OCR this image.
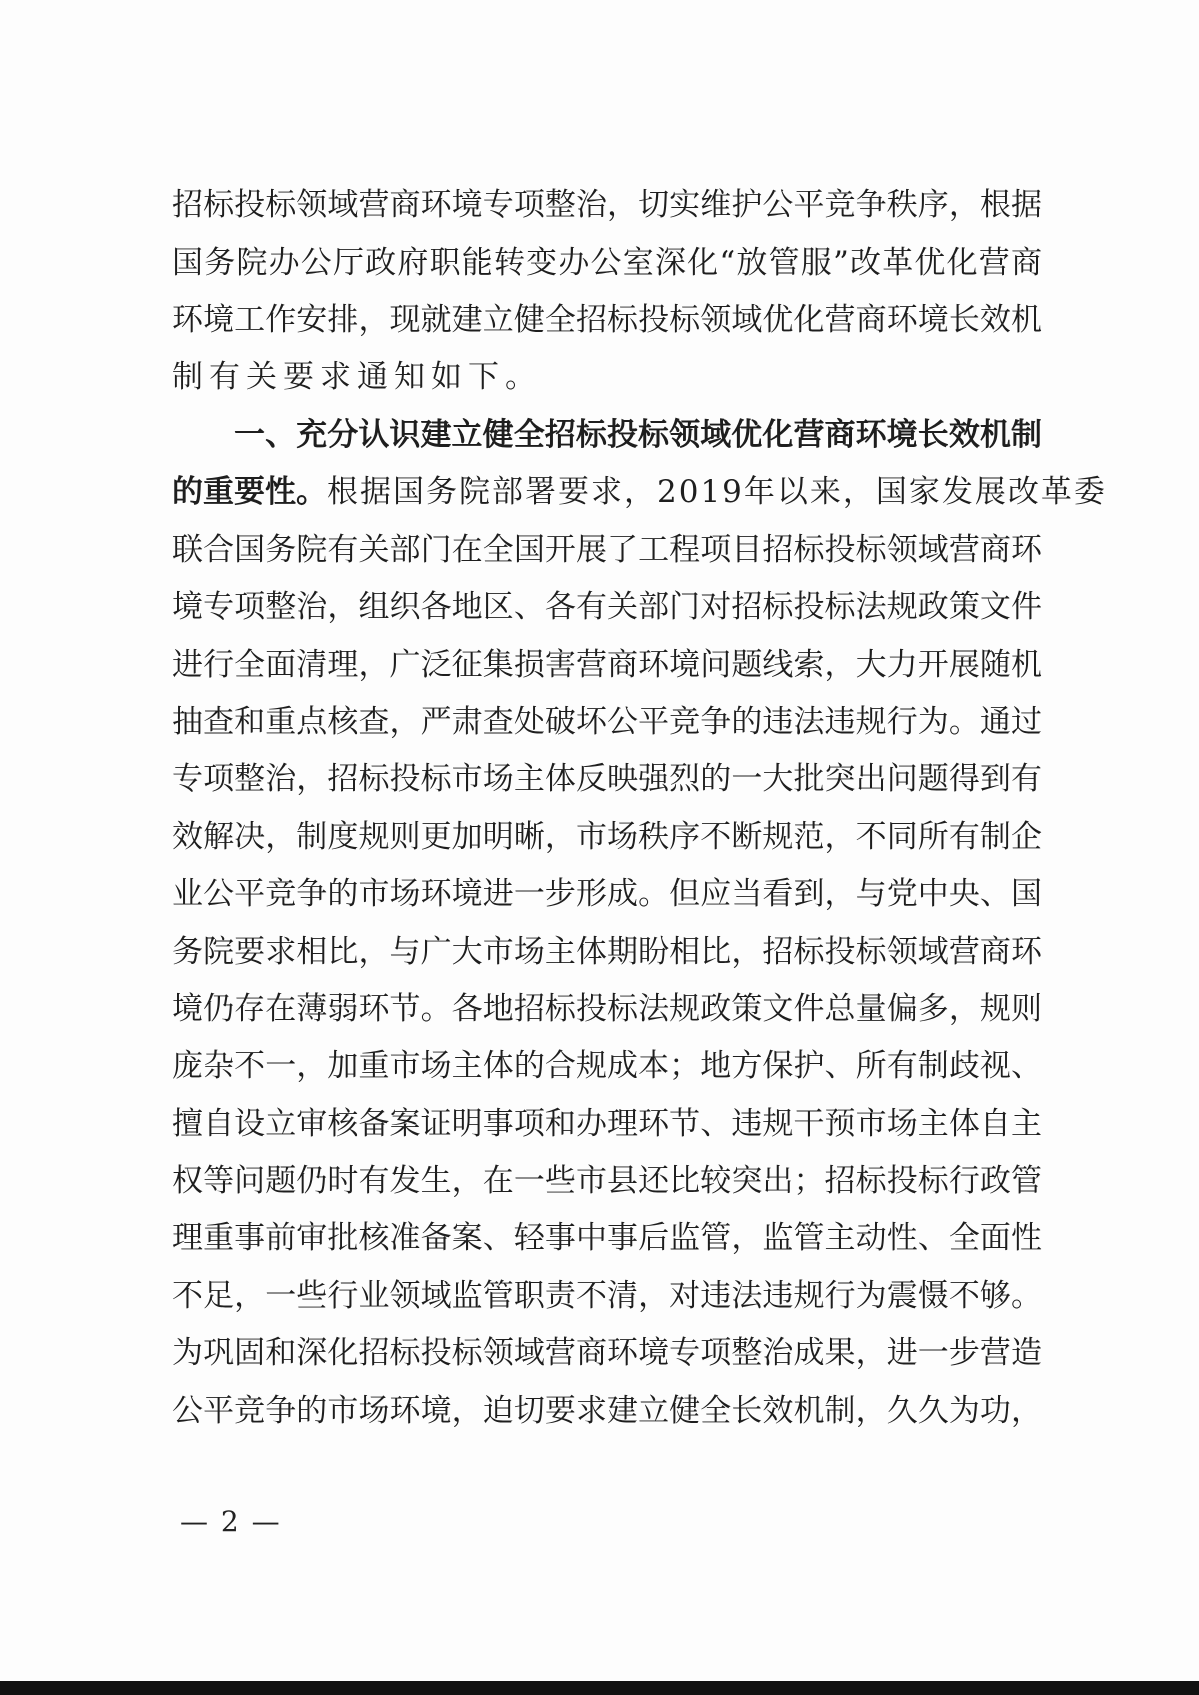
招标投标领域营商环境专项整治，切实维护公平竞争秩序，根据
国务院办公厅政府职能转变办公室深化“放管服”改革优化营商
环境工作安排，现就建立健全招标投标领域优化营商环境长效机
制有关要求通知如下。
一、充分认识建立健全招标投标领域优化营商环境长效机制
的重要性。根据国务院部署要求，2019年以来，国家发展改革委
联合国务院有关部门在全国开展了工程项目招标投标领域营商环
境专项整治，组织各地区、各有关部门对招标投标法规政策文件
进行全面清理，广泛征集损害营商环境问题线索，大力开展随机
抽查和重点核查，严肃查处破坏公平竞争的违法违规行为。通过
专项整治，招标投标市场主体反映强烈的一大批突出问题得到有
效解决，制度规则更加明晰，市场秩序不断规范，不同所有制企
业公平竞争的市场环境进一步形成。但应当看到，与党中央、国
务院要求相比，与广大市场主体期盼相比，招标投标领域营商环
境仍存在薄弱环节。各地招标投标法规政策文件总量偏多，规则
庞杂不一，加重市场主体的合规成本；地方保护、所有制歧视、
擅自设立审核备案证明事项和办理环节、违规干预市场主体自主
权等问题仍时有发生，在一些市县还比较突出；招标投标行政管
理重事前审批核准备案、轻事中事后监管，监管主动性、全面性
不足，一些行业领域监管职责不清，对违法违规行为震慑不够。
为巩固和深化招标投标领域营商环境专项整治成果，进一步营造
公平竞争的市场环境，迫切要求建立健全长效机制，久久为功，
— 2 —
